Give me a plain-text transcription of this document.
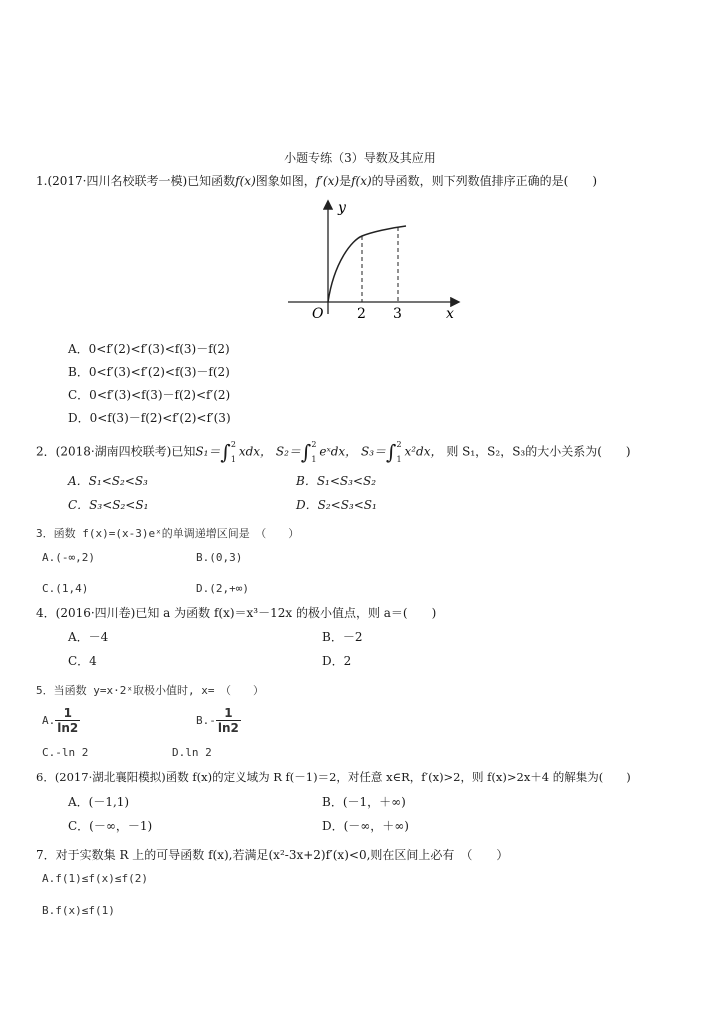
小题专练（3）导数及其应用
1.(2017·四川名校联考一模)已知函数f(x)图象如图，f′(x)是f(x)的导函数，则下列数值排序正确的是(　　)
y
x
O 2 3
A．0<f′(2)<f′(3)<f(3)－f(2)
B．0<f′(3)<f′(2)<f(3)－f(2)
C．0<f′(3)<f(3)－f(2)<f′(2)
D．0<f(3)－f(2)<f′(2)<f′(3)
2．(2018·湖南四校联考)已知S₁＝∫ 2
1
xdx， S₂＝∫ 2
1
eˣdx， S₃＝∫ 2
1
x²dx， 则 S₁，S₂，S₃的大小关系为(　　)
A．S₁<S₂<S₃	B．S₁<S₃<S₂
C．S₃<S₂<S₁	D．S₂<S₃<S₁
3．函数 f(x)=(x-3)eˣ的单调递增区间是　（　　）
A.(-∞,2)	B.(0,3)
C.(1,4)	D.(2,+∞)
4．(2016·四川卷)已知 a 为函数 f(x)＝x³－12x 的极小值点，则 a＝(　　)
A．－4	B．－2
C．4	D．2
5．当函数 y=x·2ˣ取极小值时, x=　（　　）
A. $\frac{1}{\ln 2}$	$B.- \frac{1}{\ln 2}$
C.-ln 2	D.ln 2
6．(2017·湖北襄阳模拟)函数 f(x)的定义域为 R f(－1)＝2，对任意 x∈R，f′(x)>2，则 f(x)>2x＋4 的解集为(　　)
A．(－1,1)	B．(－1，＋∞)
C．(－∞，－1)	D．(－∞，＋∞)
7．对于实数集 R 上的可导函数 f(x),若满足(x²-3x+2)f′(x)<0,则在区间上必有　（　　）
A.f(1)≤f(x)≤f(2)
B.f(x)≤f(1)
